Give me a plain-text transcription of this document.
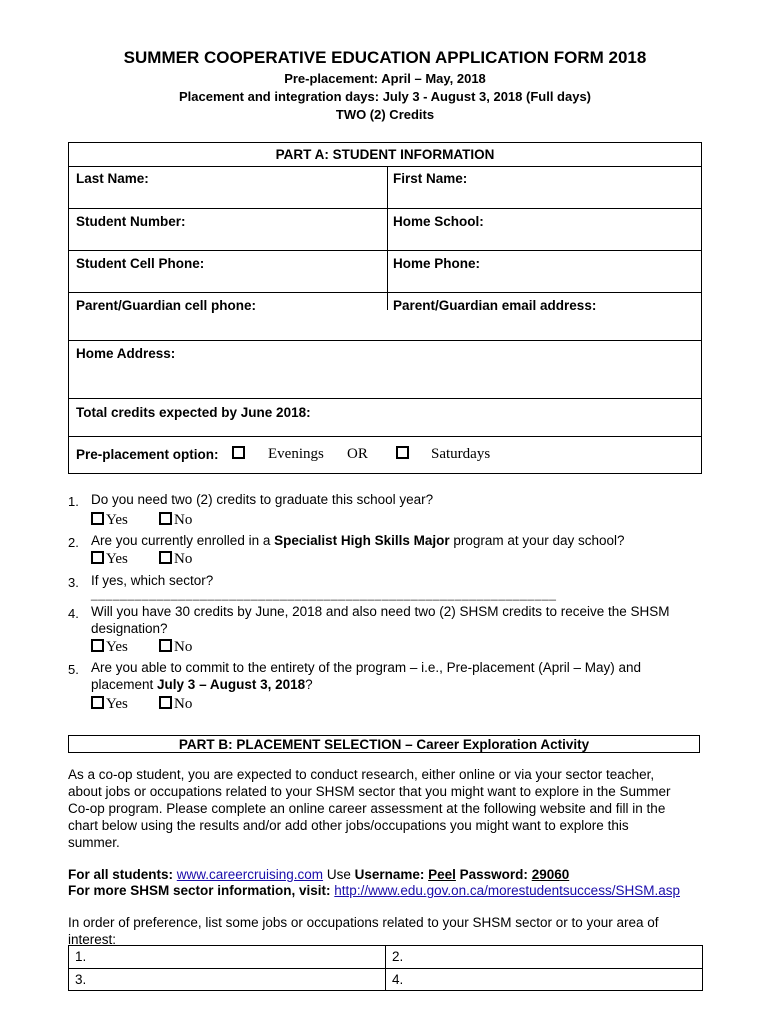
SUMMER COOPERATIVE EDUCATION APPLICATION FORM 2018
Pre-placement: April – May, 2018
Placement and integration days: July 3 - August 3, 2018 (Full days)
TWO (2) Credits
PART A: STUDENT INFORMATION
Last Name:	First Name:
Student Number:	Home School:
Student Cell Phone:	Home Phone:
Parent/Guardian cell phone:	Parent/Guardian email address:
Home Address:
Total credits expected by June 2018:
Pre-placement option:	Evenings OR	Saturdays
1. Do you need two (2) credits to graduate this school year?
Yes	No
2. Are you currently enrolled in a Specialist High Skills Major program at your day school?
Yes	No
3. If yes, which sector?
________________________________________________________________
4. Will you have 30 credits by June, 2018 and also need two (2) SHSM credits to receive the SHSM
designation?
Yes	No
5. Are you able to commit to the entirety of the program – i.e., Pre-placement (April – May) and
placement July 3 – August 3, 2018?
Yes	No
PART B: PLACEMENT SELECTION – Career Exploration Activity
As a co-op student, you are expected to conduct research, either online or via your sector teacher,
about jobs or occupations related to your SHSM sector that you might want to explore in the Summer
Co-op program. Please complete an online career assessment at the following website and fill in the
chart below using the results and/or add other jobs/occupations you might want to explore this
summer.
For all students: www.careercruising.com Use Username: Peel Password: 29060
For more SHSM sector information, visit: http://www.edu.gov.on.ca/morestudentsuccess/SHSM.asp
In order of preference, list some jobs or occupations related to your SHSM sector or to your area of
interest:
1.	2.
3.	4.
